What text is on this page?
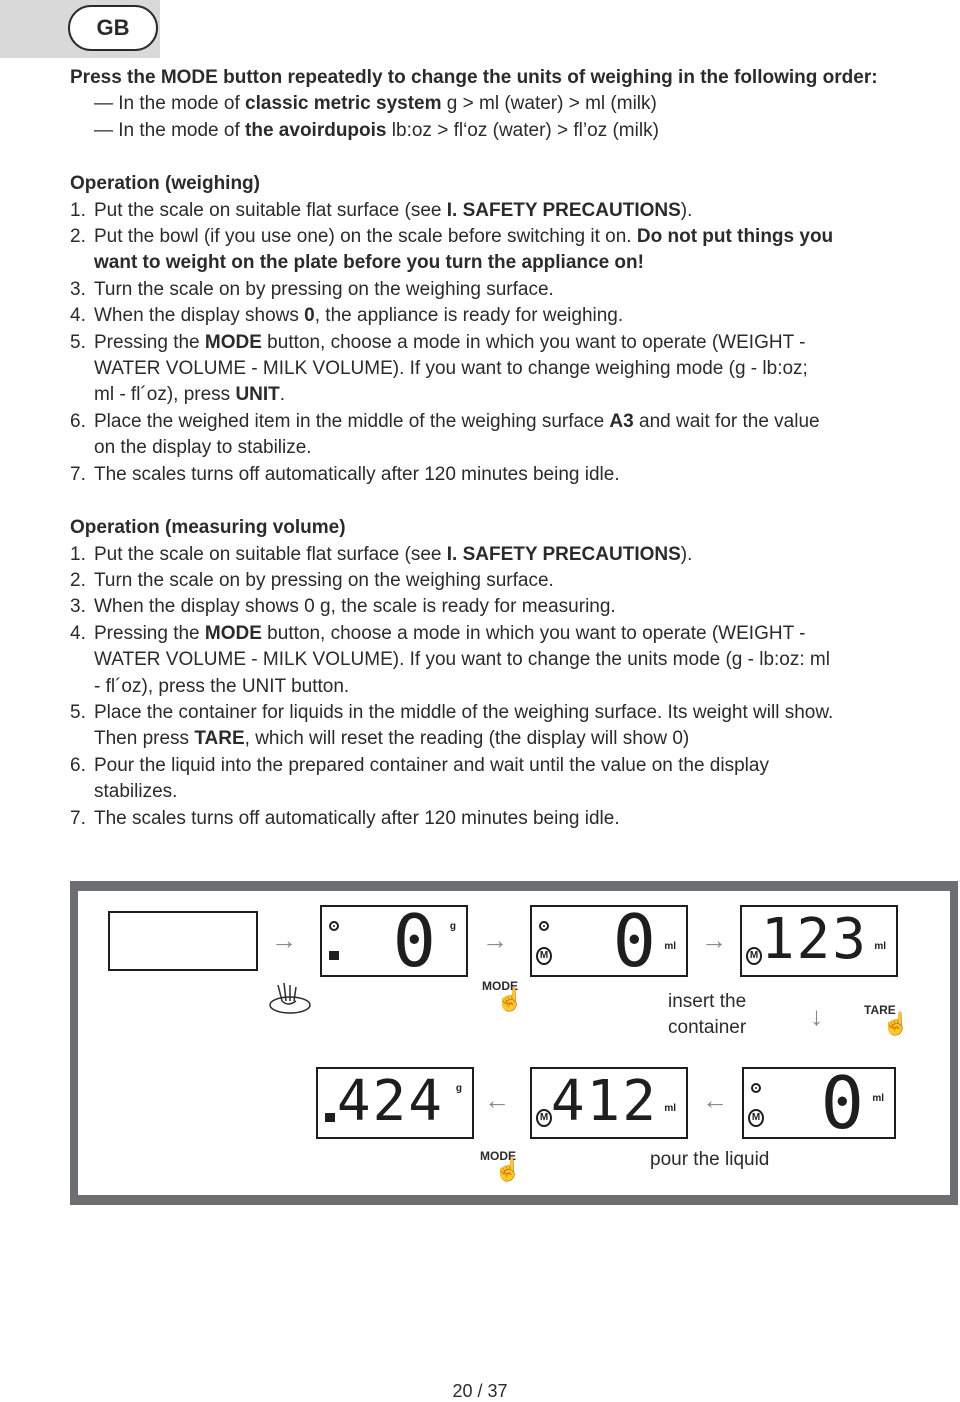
GB
Press the MODE button repeatedly to change the units of weighing in the following order:
— In the mode of classic metric system g > ml (water) > ml (milk)
— In the mode of the avoirdupois lb:oz > fl‘oz (water) > fl’oz (milk)
Operation (weighing)
1. Put the scale on suitable flat surface (see I. SAFETY PRECAUTIONS).
2. Put the bowl (if you use one) on the scale before switching it on. Do not put things you
want to weight on the plate before you turn the appliance on!
3. Turn the scale on by pressing on the weighing surface.
4. When the display shows 0, the appliance is ready for weighing.
5. Pressing the MODE button, choose a mode in which you want to operate (WEIGHT -
WATER VOLUME - MILK VOLUME). If you want to change weighing mode (g - lb:oz;
ml - fl´oz), press UNIT.
6. Place the weighed item in the middle of the weighing surface A3 and wait for the value
on the display to stabilize.
7. The scales turns off automatically after 120 minutes being idle.
Operation (measuring volume)
1. Put the scale on suitable flat surface (see I. SAFETY PRECAUTIONS).
2. Turn the scale on by pressing on the weighing surface.
3. When the display shows 0 g, the scale is ready for measuring.
4. Pressing the MODE button, choose a mode in which you want to operate (WEIGHT -
WATER VOLUME - MILK VOLUME). If you want to change the units mode (g - lb:oz: ml
- fl´oz), press the UNIT button.
5. Place the container for liquids in the middle of the weighing surface. Its weight will show.
Then press TARE, which will reset the reading (the display will show 0)
6. Pour the liquid into the prepared container and wait until the value on the display
stabilizes.
7. The scales turns off automatically after 120 minutes being idle.
→ 0 g →
M 0 ml →
M 123 ml
MODE
☝	insert the
container ↓	TARE
☝
424 g ←
M 412 ml ←
M 0 ml
MODE
☝	pour the liquid
20 / 37
